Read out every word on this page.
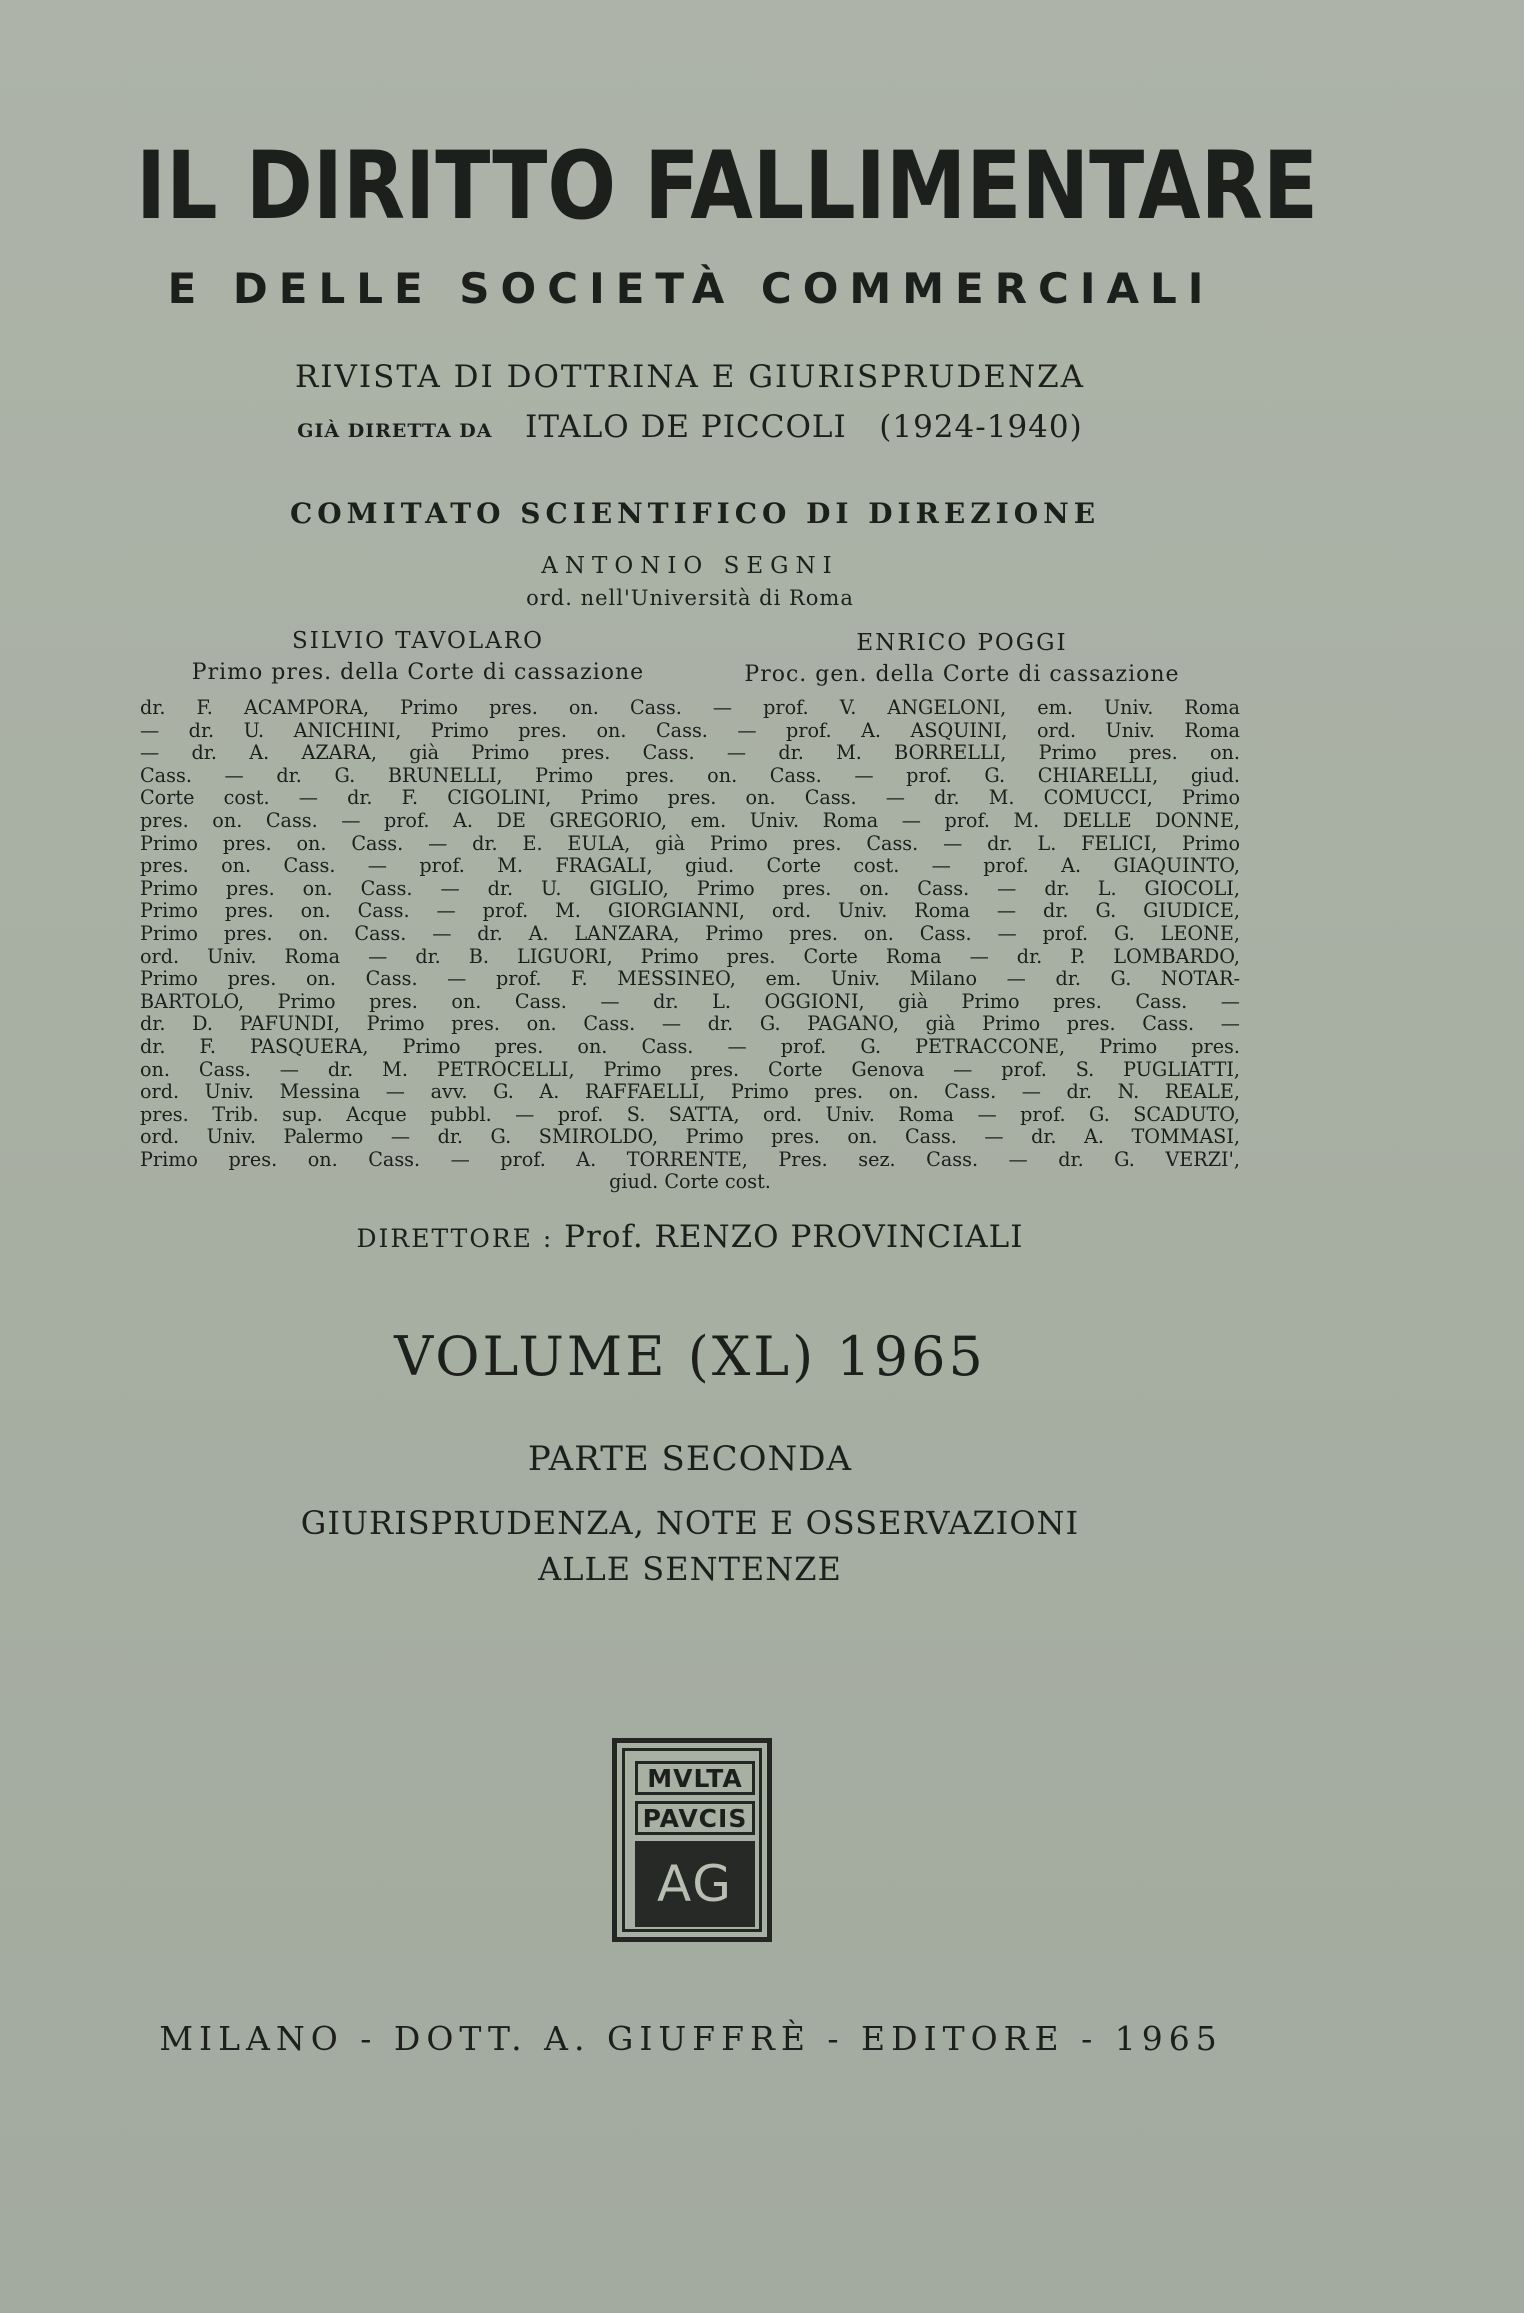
IL DIRITTO FALLIMENTARE
E DELLE SOCIETÀ COMMERCIALI
RIVISTA DI DOTTRINA E GIURISPRUDENZA
GIÀ DIRETTA DA ITALO DE PICCOLI (1924-1940)
COMITATO SCIENTIFICO DI DIREZIONE
ANTONIO SEGNI
ord. nell'Università di Roma
SILVIO TAVOLARO
Primo pres. della Corte di cassazione
ENRICO POGGI
Proc. gen. della Corte di cassazione
dr. F. ACAMPORA, Primo pres. on. Cass. — prof. V. ANGELONI, em. Univ. Roma
— dr. U. ANICHINI, Primo pres. on. Cass. — prof. A. ASQUINI, ord. Univ. Roma
— dr. A. AZARA, già Primo pres. Cass. — dr. M. BORRELLI, Primo pres. on.
Cass. — dr. G. BRUNELLI, Primo pres. on. Cass. — prof. G. CHIARELLI, giud.
Corte cost. — dr. F. CIGOLINI, Primo pres. on. Cass. — dr. M. COMUCCI, Primo
pres. on. Cass. — prof. A. DE GREGORIO, em. Univ. Roma — prof. M. DELLE DONNE,
Primo pres. on. Cass. — dr. E. EULA, già Primo pres. Cass. — dr. L. FELICI, Primo
pres. on. Cass. — prof. M. FRAGALI, giud. Corte cost. — prof. A. GIAQUINTO,
Primo pres. on. Cass. — dr. U. GIGLIO, Primo pres. on. Cass. — dr. L. GIOCOLI,
Primo pres. on. Cass. — prof. M. GIORGIANNI, ord. Univ. Roma — dr. G. GIUDICE,
Primo pres. on. Cass. — dr. A. LANZARA, Primo pres. on. Cass. — prof. G. LEONE,
ord. Univ. Roma — dr. B. LIGUORI, Primo pres. Corte Roma — dr. P. LOMBARDO,
Primo pres. on. Cass. — prof. F. MESSINEO, em. Univ. Milano — dr. G. NOTAR-
BARTOLO, Primo pres. on. Cass. — dr. L. OGGIONI, già Primo pres. Cass. —
dr. D. PAFUNDI, Primo pres. on. Cass. — dr. G. PAGANO, già Primo pres. Cass. —
dr. F. PASQUERA, Primo pres. on. Cass. — prof. G. PETRACCONE, Primo pres.
on. Cass. — dr. M. PETROCELLI, Primo pres. Corte Genova — prof. S. PUGLIATTI,
ord. Univ. Messina — avv. G. A. RAFFAELLI, Primo pres. on. Cass. — dr. N. REALE,
pres. Trib. sup. Acque pubbl. — prof. S. SATTA, ord. Univ. Roma — prof. G. SCADUTO,
ord. Univ. Palermo — dr. G. SMIROLDO, Primo pres. on. Cass. — dr. A. TOMMASI,
Primo pres. on. Cass. — prof. A. TORRENTE, Pres. sez. Cass. — dr. G. VERZI',
giud. Corte cost.
DIRETTORE : Prof. RENZO PROVINCIALI
VOLUME (XL) 1965
PARTE SECONDA
GIURISPRUDENZA, NOTE E OSSERVAZIONI
ALLE SENTENZE
MVLTA
PAVCIS
AG
MILANO - DOTT. A. GIUFFRÈ - EDITORE - 1965
